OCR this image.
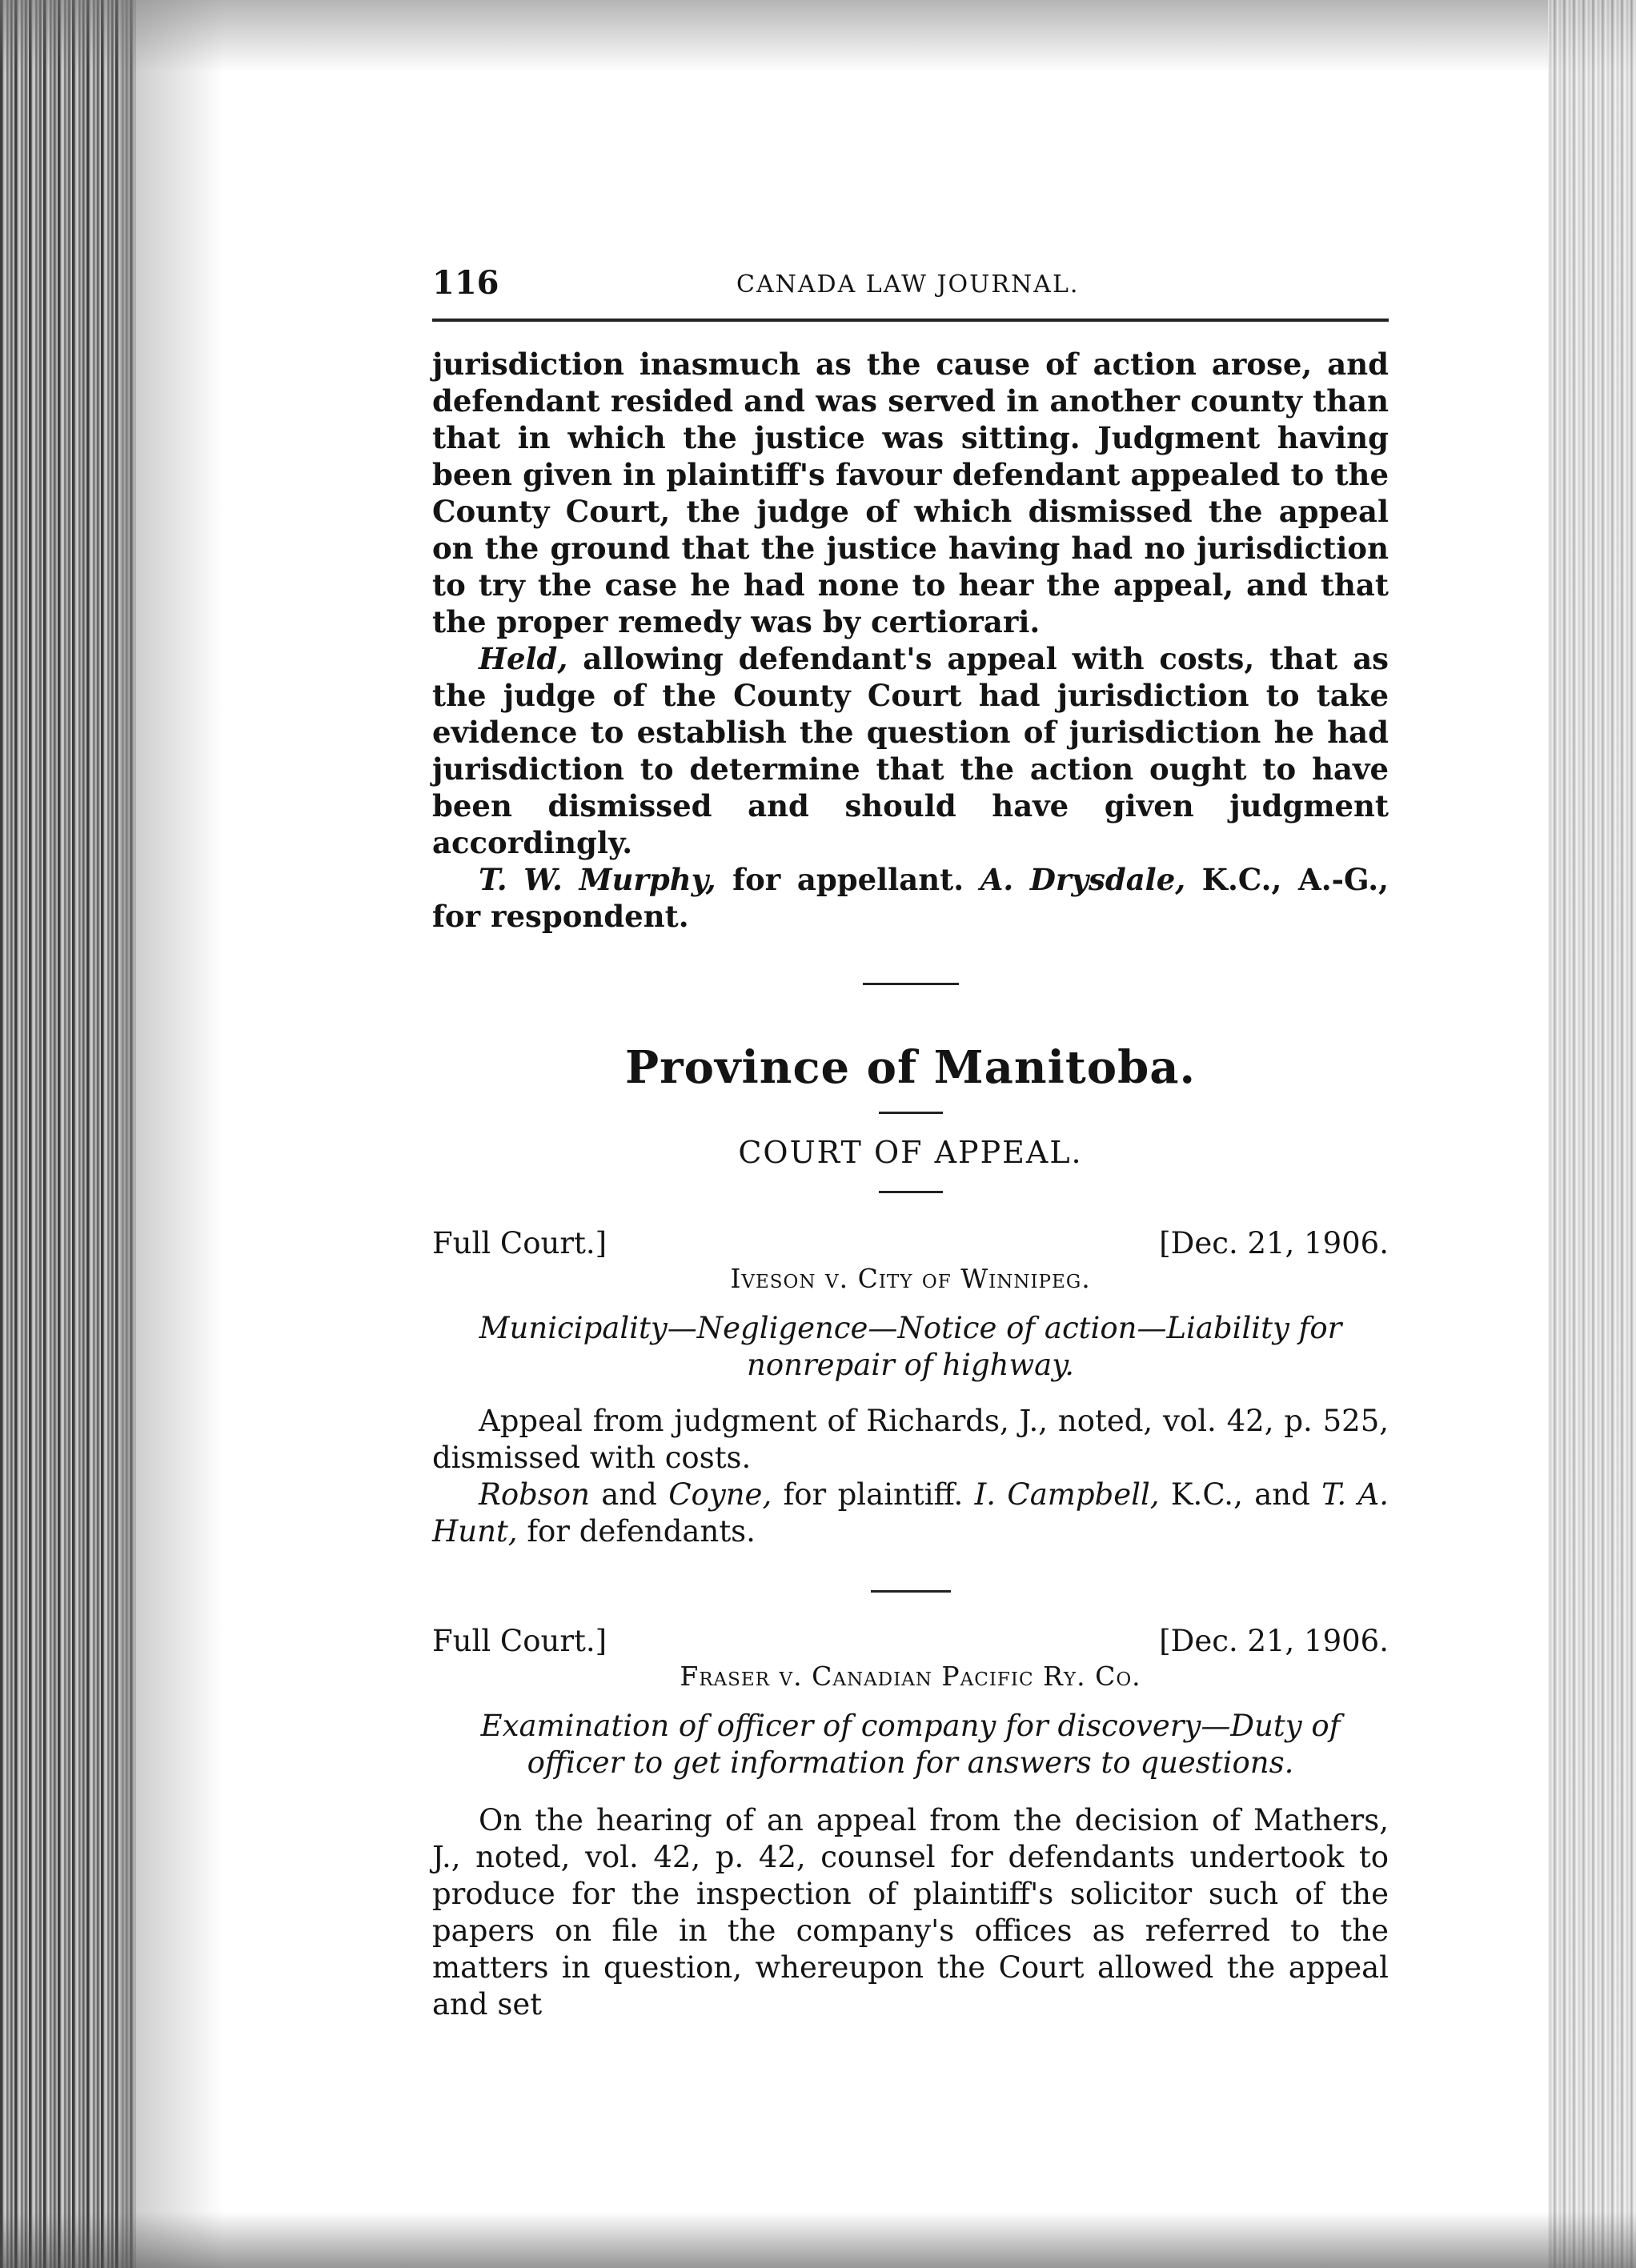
116	CANADA LAW JOURNAL.

jurisdiction inasmuch as the cause of action arose, and defendant resided and was served in another county than that in which the justice was sitting. Judgment having been given in plaintiff's favour defendant appealed to the County Court, the judge of which dismissed the appeal on the ground that the justice having had no jurisdiction to try the case he had none to hear the appeal, and that the proper remedy was by certiorari.

Held, allowing defendant's appeal with costs, that as the judge of the County Court had jurisdiction to take evidence to establish the question of jurisdiction he had jurisdiction to determine that the action ought to have been dismissed and should have given judgment accordingly.

T. W. Murphy, for appellant. A. Drysdale, K.C., A.-G., for respondent.

Province of Manitoba.
COURT OF APPEAL.
Full Court.]	[Dec. 21, 1906.
Iveson v. City of Winnipeg.
Municipality—Negligence—Notice of action—Liability for nonrepair of highway.

Appeal from judgment of Richards, J., noted, vol. 42, p. 525, dismissed with costs.

Robson and Coyne, for plaintiff. I. Campbell, K.C., and T. A. Hunt, for defendants.

Full Court.]	[Dec. 21, 1906.
Fraser v. Canadian Pacific Ry. Co.
Examination of officer of company for discovery—Duty of officer to get information for answers to questions.

On the hearing of an appeal from the decision of Mathers, J., noted, vol. 42, p. 42, counsel for defendants undertook to produce for the inspection of plaintiff's solicitor such of the papers on file in the company's offices as referred to the matters in question, whereupon the Court allowed the appeal and set
